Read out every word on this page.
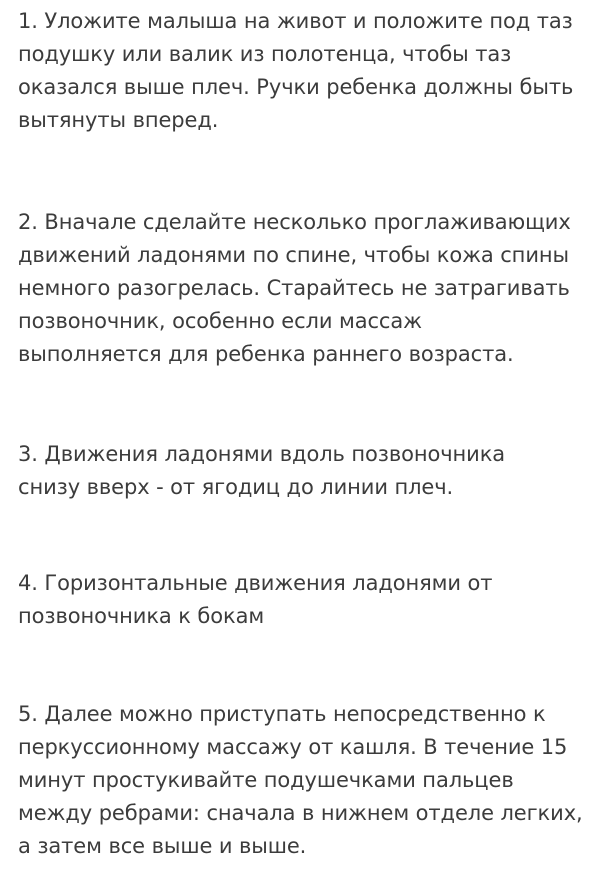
1. Уложите малыша на живот и положите под таз
подушку или валик из полотенца, чтобы таз
оказался выше плеч. Ручки ребенка должны быть
вытянуты вперед.

2. Вначале сделайте несколько проглаживающих
движений ладонями по спине, чтобы кожа спины
немного разогрелась. Старайтесь не затрагивать
позвоночник, особенно если массаж
выполняется для ребенка раннего возраста.

3. Движения ладонями вдоль позвоночника
снизу вверх - от ягодиц до линии плеч.

4. Горизонтальные движения ладонями от
позвоночника к бокам

5. Далее можно приступать непосредственно к
перкуссионному массажу от кашля. В течение 15
минут простукивайте подушечками пальцев
между ребрами: сначала в нижнем отделе легких,
а затем все выше и выше.
